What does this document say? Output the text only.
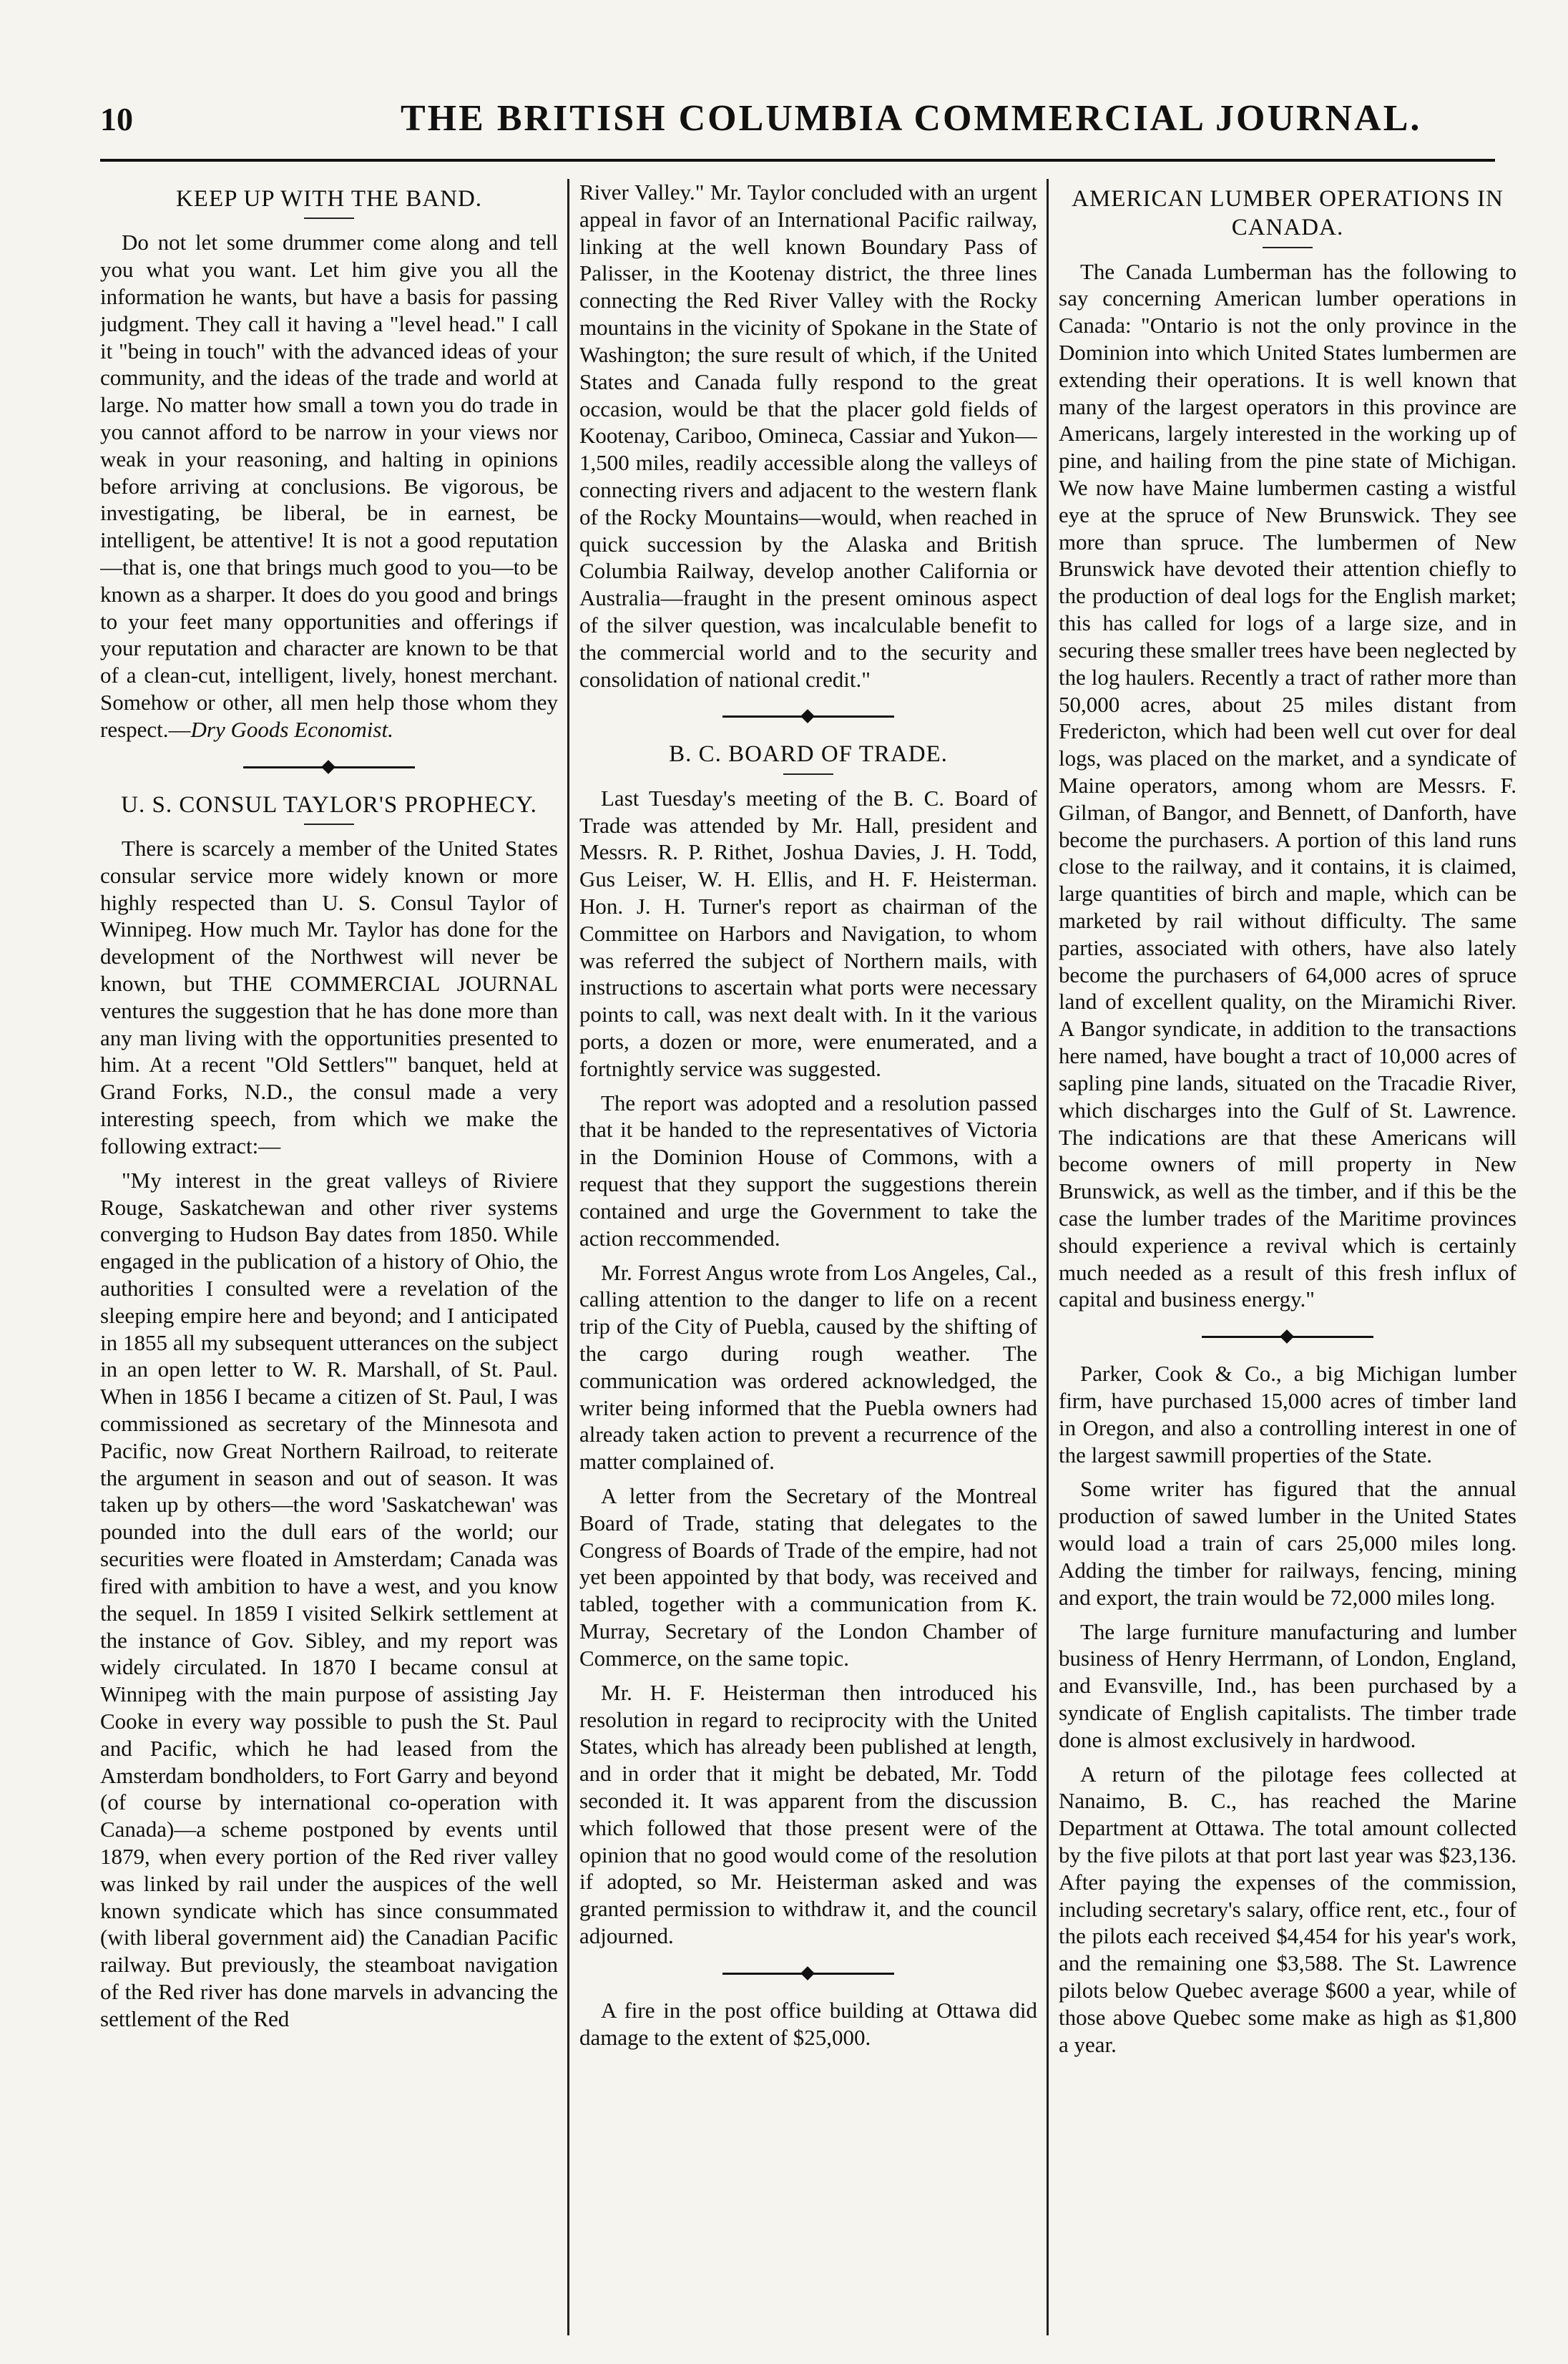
10	THE BRITISH COLUMBIA COMMERCIAL JOURNAL.
KEEP UP WITH THE BAND.

Do not let some drummer come along and tell you what you want. Let him give you all the information he wants, but have a basis for passing judgment. They call it having a "level head." I call it "being in touch" with the advanced ideas of your community, and the ideas of the trade and world at large. No matter how small a town you do trade in you cannot afford to be narrow in your views nor weak in your reasoning, and halting in opinions before arriving at conclusions. Be vigorous, be investigating, be liberal, be in earnest, be intelligent, be attentive! It is not a good reputation—that is, one that brings much good to you—to be known as a sharper. It does do you good and brings to your feet many opportunities and offerings if your reputation and character are known to be that of a clean-cut, intelligent, lively, honest merchant. Somehow or other, all men help those whom they respect.—Dry Goods Economist.

U. S. CONSUL TAYLOR'S PROPHECY.

There is scarcely a member of the United States consular service more widely known or more highly respected than U. S. Consul Taylor of Winnipeg. How much Mr. Taylor has done for the development of the Northwest will never be known, but THE COMMERCIAL JOURNAL ventures the suggestion that he has done more than any man living with the opportunities presented to him. At a recent "Old Settlers'" banquet, held at Grand Forks, N.D., the consul made a very interesting speech, from which we make the following extract:—

"My interest in the great valleys of Riviere Rouge, Saskatchewan and other river systems converging to Hudson Bay dates from 1850. While engaged in the publication of a history of Ohio, the authorities I consulted were a revelation of the sleeping empire here and beyond; and I anticipated in 1855 all my subsequent utterances on the subject in an open letter to W. R. Marshall, of St. Paul. When in 1856 I became a citizen of St. Paul, I was commissioned as secretary of the Minnesota and Pacific, now Great Northern Railroad, to reiterate the argument in season and out of season. It was taken up by others—the word 'Saskatchewan' was pounded into the dull ears of the world; our securities were floated in Amsterdam; Canada was fired with ambition to have a west, and you know the sequel. In 1859 I visited Selkirk settlement at the instance of Gov. Sibley, and my report was widely circulated. In 1870 I became consul at Winnipeg with the main purpose of assisting Jay Cooke in every way possible to push the St. Paul and Pacific, which he had leased from the Amsterdam bondholders, to Fort Garry and beyond (of course by international co-operation with Canada)—a scheme postponed by events until 1879, when every portion of the Red river valley was linked by rail under the auspices of the well known syndicate which has since consummated (with liberal government aid) the Canadian Pacific railway. But previously, the steamboat navigation of the Red river has done marvels in advancing the settlement of the Red

River Valley." Mr. Taylor concluded with an urgent appeal in favor of an International Pacific railway, linking at the well known Boundary Pass of Palisser, in the Kootenay district, the three lines connecting the Red River Valley with the Rocky mountains in the vicinity of Spokane in the State of Washington; the sure result of which, if the United States and Canada fully respond to the great occasion, would be that the placer gold fields of Kootenay, Cariboo, Omineca, Cassiar and Yukon—1,500 miles, readily accessible along the valleys of connecting rivers and adjacent to the western flank of the Rocky Mountains—would, when reached in quick succession by the Alaska and British Columbia Railway, develop another California or Australia—fraught in the present ominous aspect of the silver question, was incalculable benefit to the commercial world and to the security and consolidation of national credit."

B. C. BOARD OF TRADE.

Last Tuesday's meeting of the B. C. Board of Trade was attended by Mr. Hall, president and Messrs. R. P. Rithet, Joshua Davies, J. H. Todd, Gus Leiser, W. H. Ellis, and H. F. Heisterman. Hon. J. H. Turner's report as chairman of the Committee on Harbors and Navigation, to whom was referred the subject of Northern mails, with instructions to ascertain what ports were necessary points to call, was next dealt with. In it the various ports, a dozen or more, were enumerated, and a fortnightly service was suggested.

The report was adopted and a resolution passed that it be handed to the representatives of Victoria in the Dominion House of Commons, with a request that they support the suggestions therein contained and urge the Government to take the action reccommended.

Mr. Forrest Angus wrote from Los Angeles, Cal., calling attention to the danger to life on a recent trip of the City of Puebla, caused by the shifting of the cargo during rough weather. The communication was ordered acknowledged, the writer being informed that the Puebla owners had already taken action to prevent a recurrence of the matter complained of.

A letter from the Secretary of the Montreal Board of Trade, stating that delegates to the Congress of Boards of Trade of the empire, had not yet been appointed by that body, was received and tabled, together with a communication from K. Murray, Secretary of the London Chamber of Commerce, on the same topic.

Mr. H. F. Heisterman then introduced his resolution in regard to reciprocity with the United States, which has already been published at length, and in order that it might be debated, Mr. Todd seconded it. It was apparent from the discussion which followed that those present were of the opinion that no good would come of the resolution if adopted, so Mr. Heisterman asked and was granted permission to withdraw it, and the council adjourned.

A fire in the post office building at Ottawa did damage to the extent of $25,000.

AMERICAN LUMBER OPERATIONS IN CANADA.

The Canada Lumberman has the following to say concerning American lumber operations in Canada: "Ontario is not the only province in the Dominion into which United States lumbermen are extending their operations. It is well known that many of the largest operators in this province are Americans, largely interested in the working up of pine, and hailing from the pine state of Michigan. We now have Maine lumbermen casting a wistful eye at the spruce of New Brunswick. They see more than spruce. The lumbermen of New Brunswick have devoted their attention chiefly to the production of deal logs for the English market; this has called for logs of a large size, and in securing these smaller trees have been neglected by the log haulers. Recently a tract of rather more than 50,000 acres, about 25 miles distant from Fredericton, which had been well cut over for deal logs, was placed on the market, and a syndicate of Maine operators, among whom are Messrs. F. Gilman, of Bangor, and Bennett, of Danforth, have become the purchasers. A portion of this land runs close to the railway, and it contains, it is claimed, large quantities of birch and maple, which can be marketed by rail without difficulty. The same parties, associated with others, have also lately become the purchasers of 64,000 acres of spruce land of excellent quality, on the Miramichi River. A Bangor syndicate, in addition to the transactions here named, have bought a tract of 10,000 acres of sapling pine lands, situated on the Tracadie River, which discharges into the Gulf of St. Lawrence. The indications are that these Americans will become owners of mill property in New Brunswick, as well as the timber, and if this be the case the lumber trades of the Maritime provinces should experience a revival which is certainly much needed as a result of this fresh influx of capital and business energy."

Parker, Cook & Co., a big Michigan lumber firm, have purchased 15,000 acres of timber land in Oregon, and also a controlling interest in one of the largest sawmill properties of the State.

Some writer has figured that the annual production of sawed lumber in the United States would load a train of cars 25,000 miles long. Adding the timber for railways, fencing, mining and export, the train would be 72,000 miles long.

The large furniture manufacturing and lumber business of Henry Herrmann, of London, England, and Evansville, Ind., has been purchased by a syndicate of English capitalists. The timber trade done is almost exclusively in hardwood.

A return of the pilotage fees collected at Nanaimo, B. C., has reached the Marine Department at Ottawa. The total amount collected by the five pilots at that port last year was $23,136. After paying the expenses of the commission, including secretary's salary, office rent, etc., four of the pilots each received $4,454 for his year's work, and the remaining one $3,588. The St. Lawrence pilots below Quebec average $600 a year, while of those above Quebec some make as high as $1,800 a year.
